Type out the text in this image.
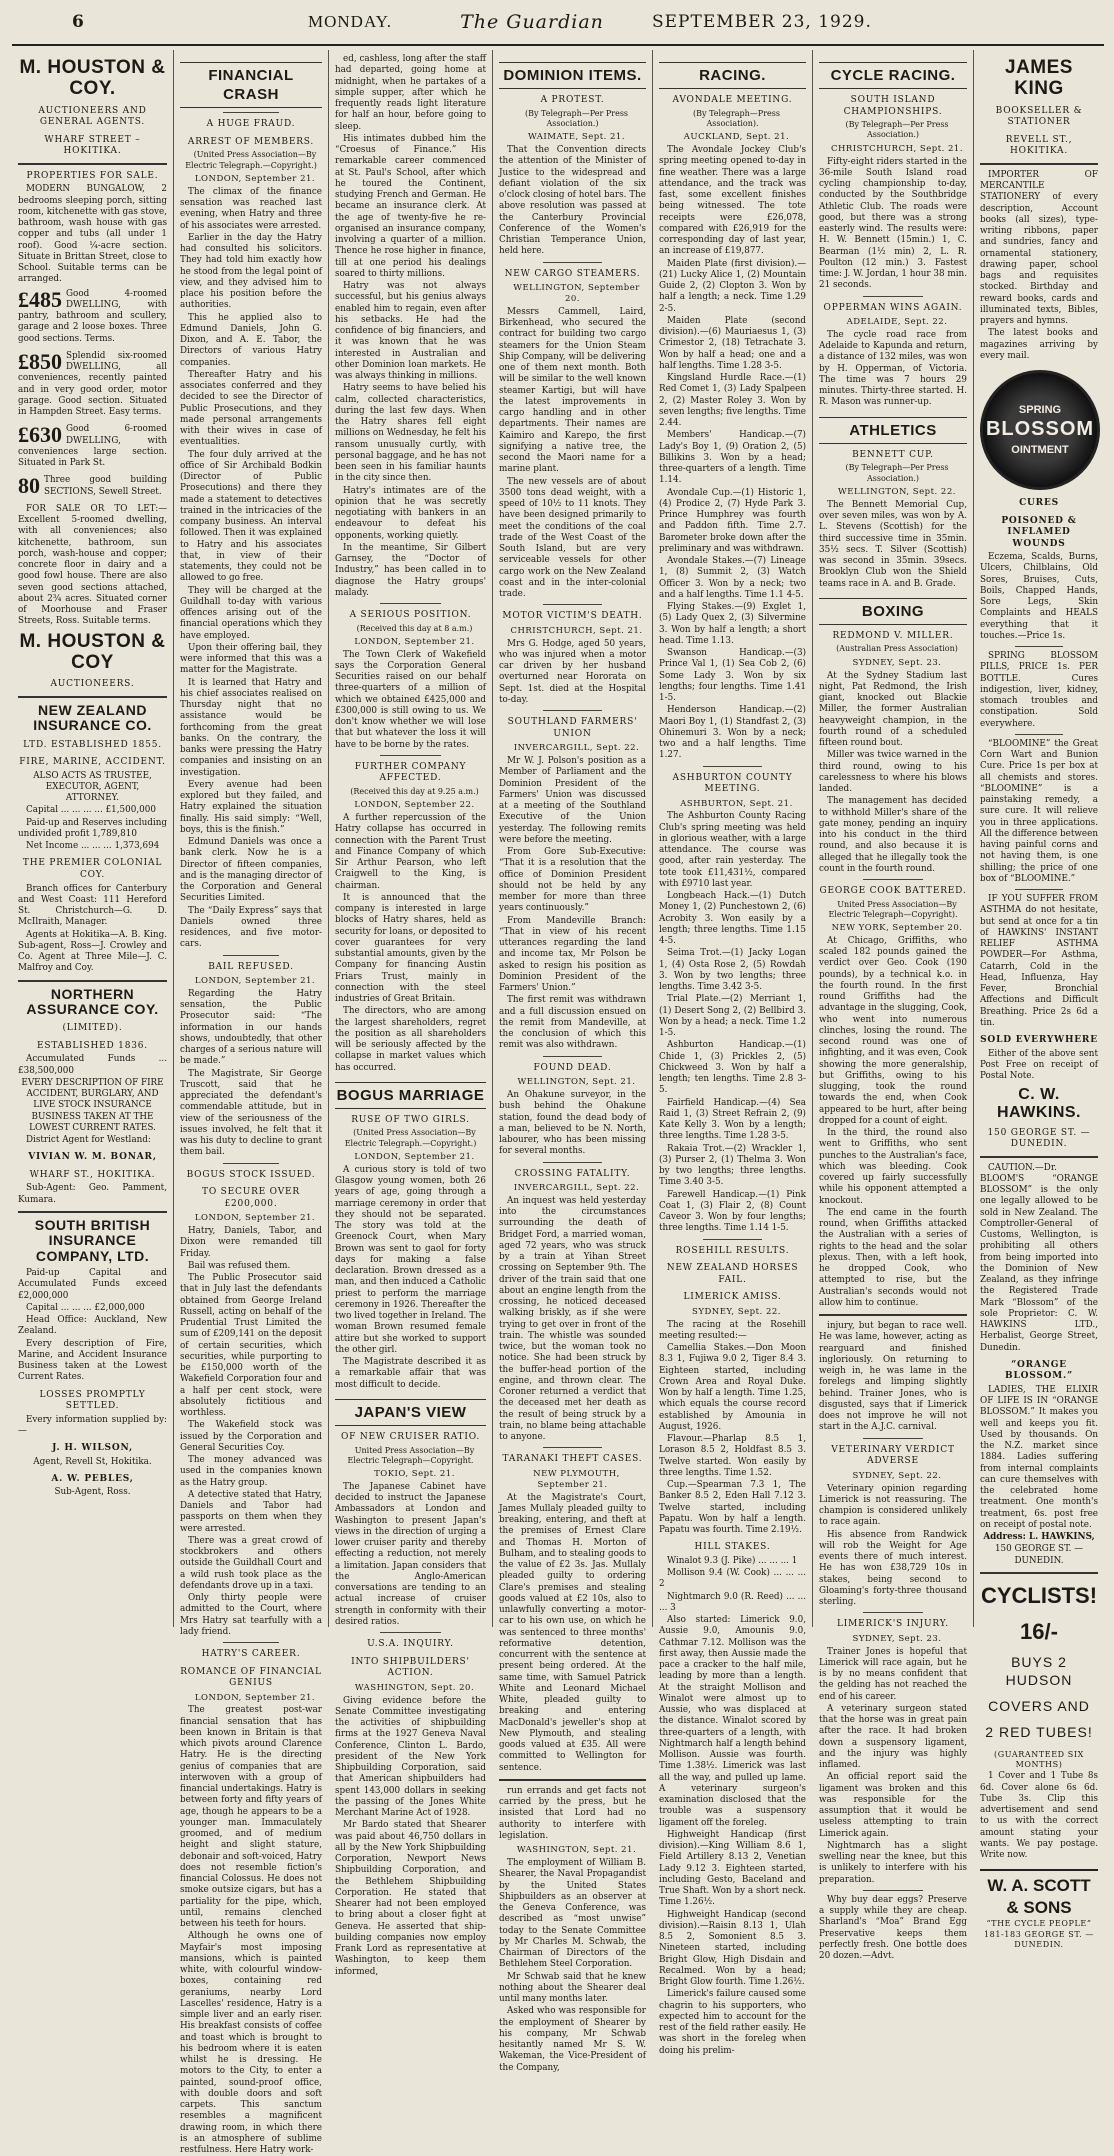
6	MONDAY.	The Guardian	SEPTEMBER 23, 1929.
M. HOUSTON & COY.
AUCTIONEERS AND GENERAL AGENTS.
WHARF STREET – HOKITIKA.
PROPERTIES FOR SALE.

MODERN BUNGALOW, 2 bedrooms sleeping porch, sitting room, kitchenette with gas stove, bathroom, wash house with gas copper and tubs (all under 1 roof). Good ¼-acre section. Situate in Brittan Street, close to School. Suitable terms can be arranged.

£485 Good 4-roomed DWELLING, with pantry, bathroom and scullery, garage and 2 loose boxes. Three good sections. Terms.
£850 Splendid six-roomed DWELLING, all conveniences, recently painted and in very good order, motor garage. Good section. Situated in Hampden Street. Easy terms.
£630 Good 6-roomed DWELLING, with conveniences large section. Situated in Park St.
80 Three good building SECTIONS, Sewell Street.

FOR SALE OR TO LET:—Excellent 5-roomed dwelling, with all conveniences; also kitchenette, bathroom, sun porch, wash-house and copper; concrete floor in dairy and a good fowl house. There are also seven good sections attached, about 2¾ acres. Situated corner of Moorhouse and Fraser Streets, Ross. Suitable terms.

M. HOUSTON & COY
AUCTIONEERS.
NEW ZEALAND INSURANCE CO.
LTD. ESTABLISHED 1855.
FIRE, MARINE, ACCIDENT.

ALSO ACTS AS TRUSTEE, EXECUTOR, AGENT, ATTORNEY.

Capital ... ... ... ... £1,500,000

Paid-up and Reserves including undivided profit 1,789,810

Net Income ... ... ... 1,373,694

THE PREMIER COLONIAL COY.

Branch offices for Canterbury and West Coast: 111 Hereford St. Christchurch—G. D. McIlraith, Manager.

Agents at Hokitika—A. B. King. Sub-agent, Ross—J. Crowley and Co. Agent at Three Mile—J. C. Malfroy and Coy.

NORTHERN ASSURANCE COY.
(LIMITED).
ESTABLISHED 1836.

Accumulated Funds ... £38,500,000

EVERY DESCRIPTION OF FIRE ACCIDENT, BURGLARY, AND LIVE STOCK INSURANCE BUSINESS TAKEN AT THE LOWEST CURRENT RATES.

District Agent for Westland:

VIVIAN W. M. BONAR,
WHARF ST., HOKITIKA.

Sub-Agent: Geo. Pamment, Kumara.

SOUTH BRITISH INSURANCE COMPANY, LTD.

Paid-up Capital and Accumulated Funds exceed £2,000,000

Capital ... ... ... £2,000,000

Head Office: Auckland, New Zealand.

Every description of Fire, Marine, and Accident Insurance Business taken at the Lowest Current Rates.

LOSSES PROMPTLY SETTLED.

Every information supplied by:—

J. H. WILSON,

Agent, Revell St, Hokitika.

A. W. PEBLES,

Sub-Agent, Ross.

FINANCIAL CRASH
A HUGE FRAUD.
ARREST OF MEMBERS.

(United Press Association—By Electric Telegraph.—Copyright.)

LONDON, September 21.

The climax of the finance sensation was reached last evening, when Hatry and three of his associates were arrested.

Earlier in the day the Hatry had consulted his solicitors. They had told him exactly how he stood from the legal point of view, and they advised him to place his position before the authorities.

This he applied also to Edmund Daniels, John G. Dixon, and A. E. Tabor, the Directors of various Hatry companies.

Thereafter Hatry and his associates conferred and they decided to see the Director of Public Prosecutions, and they made personal arrangements with their wives in case of eventualities.

The four duly arrived at the office of Sir Archibald Bodkin (Director of Public Prosecutions) and there they made a statement to detectives trained in the intricacies of the company business. An interval followed. Then it was explained to Hatry and his associates that, in view of their statements, they could not be allowed to go free.

They will be charged at the Guildhall to-day with various offences arising out of the financial operations which they have employed.

Upon their offering bail, they were informed that this was a matter for the Magistrate.

It is learned that Hatry and his chief associates realised on Thursday night that no assistance would be forthcoming from the great banks. On the contrary, the banks were pressing the Hatry companies and insisting on an investigation.

Every avenue had been explored but they failed, and Hatry explained the situation finally. His said simply: “Well, boys, this is the finish.”

Edmund Daniels was once a bank clerk. Now he is a Director of fifteen companies, and is the managing director of the Corporation and General Securities Limited.

The “Daily Express” says that Daniels owned three residences, and five motor-cars.

BAIL REFUSED.

LONDON, September 21.

Regarding the Hatry sensation, the Public Prosecutor said: “The information in our hands shows, undoubtedly, that other charges of a serious nature will be made.”

The Magistrate, Sir George Truscott, said that he appreciated the defendant's commendable attitude, but in view of the seriousness of the issues involved, he felt that it was his duty to decline to grant them bail.

BOGUS STOCK ISSUED.
TO SECURE OVER £200,000.

LONDON, September 21.

Hatry, Daniels, Tabor, and Dixon were remanded till Friday.

Bail was refused them.

The Public Prosecutor said that in July last the defendants obtained from George Ireland Russell, acting on behalf of the Prudential Trust Limited the sum of £209,141 on the deposit of certain securities, which securities, while purporting to be £150,000 worth of the Wakefield Corporation four and a half per cent stock, were absolutely fictitious and worthless.

The Wakefield stock was issued by the Corporation and General Securities Coy.

The money advanced was used in the companies known as the Hatry group.

A detective stated that Hatry, Daniels and Tabor had passports on them when they were arrested.

There was a great crowd of stockbrokers and others outside the Guildhall Court and a wild rush took place as the defendants drove up in a taxi.

Only thirty people were admitted to the Court, where Mrs Hatry sat tearfully with a lady friend.

HATRY'S CAREER.
ROMANCE OF FINANCIAL GENIUS

LONDON, September 21.

The greatest post-war financial sensation that has been known in Britain is that which pivots around Clarence Hatry. He is the directing genius of companies that are interwoven with a group of financial undertakings. Hatry is between forty and fifty years of age, though he appears to be a younger man. Immaculately groomed, and of medium height and slight stature, debonair and soft-voiced, Hatry does not resemble fiction's financial Colossus. He does not smoke outsize cigars, but has a partiality for the pipe, which, until, remains clenched between his teeth for hours.

Although he owns one of Mayfair's most imposing mansions, which is painted white, with colourful window-boxes, containing red geraniums, nearby Lord Lascelles' residence, Hatry is a simple liver and an early riser. His breakfast consists of coffee and toast which is brought to his bedroom where it is eaten whilst he is dressing. He motors to the City, to enter a painted, sound-proof office, with double doors and soft carpets. This sanctum resembles a magnificent drawing room, in which there is an atmosphere of sublime restfulness. Here Hatry work-

ed, cashless, long after the staff had departed, going home at midnight, when he partakes of a simple supper, after which he frequently reads light literature for half an hour, before going to sleep.

His intimates dubbed him the “Croesus of Finance.” His remarkable career commenced at St. Paul's School, after which he toured the Continent, studying French and German. He became an insurance clerk. At the age of twenty-five he re-organised an insurance company, involving a quarter of a million. Thence he rose higher in finance, till at one period his dealings soared to thirty millions.

Hatry was not always successful, but his genius always enabled him to regain, even after his setbacks. He had the confidence of big financiers, and it was known that he was interested in Australian and other Dominion loan markets. He was always thinking in millions.

Hatry seems to have belied his calm, collected characteristics, during the last few days. When the Hatry shares fell eight millions on Wednesday, he felt his ransom unusually curtly, with personal baggage, and he has not been seen in his familiar haunts in the city since then.

Hatry's intimates are of the opinion that he was secretly negotiating with bankers in an endeavour to defeat his opponents, working quietly.

In the meantime, Sir Gilbert Garnsey, the “Doctor of Industry,” has been called in to diagnose the Hatry groups' malady.

A SERIOUS POSITION.

(Received this day at 8 a.m.)

LONDON, September 21.

The Town Clerk of Wakefield says the Corporation General Securities raised on our behalf three-quarters of a million of which we obtained £425,000 and £300,000 is still owing to us. We don't know whether we will lose that but whatever the loss it will have to be borne by the rates.

FURTHER COMPANY AFFECTED.

(Received this day at 9.25 a.m.)

LONDON, September 22.

A further repercussion of the Hatry collapse has occurred in connection with the Parent Trust and Finance Company of which Sir Arthur Pearson, who left Craigwell to the King, is chairman.

It is announced that the company is interested in large blocks of Hatry shares, held as security for loans, or deposited to cover guarantees for very substantial amounts, given by the Company for financing Austin Friars Trust, mainly in connection with the steel industries of Great Britain.

The directors, who are among the largest shareholders, regret the position as all shareholders will be seriously affected by the collapse in market values which has occurred.

BOGUS MARRIAGE
RUSE OF TWO GIRLS.

(United Press Association—By Electric Telegraph.—Copyright.)

LONDON, September 21.

A curious story is told of two Glasgow young women, both 26 years of age, going through a marriage ceremony in order that they should not be separated. The story was told at the Greenock Court, when Mary Brown was sent to gaol for forty days for making a false declaration. Brown dressed as a man, and then induced a Catholic priest to perform the marriage ceremony in 1926. Thereafter the two lived together in Ireland. The woman Brown resumed female attire but she worked to support the other girl.

The Magistrate described it as a remarkable affair that was most difficult to decide.

JAPAN'S VIEW
OF NEW CRUISER RATIO.

United Press Association—By Electric Telegraph—Copyright.

TOKIO, Sept. 21.

The Japanese Cabinet have decided to instruct the Japanese Ambassadors at London and Washington to present Japan's views in the direction of urging a lower cruiser parity and thereby effecting a reduction, not merely a limitation. Japan considers that the Anglo-American conversations are tending to an actual increase of cruiser strength in conformity with their desired ratios.

U.S.A. INQUIRY.
INTO SHIPBUILDERS' ACTION.

WASHINGTON, Sept. 20.

Giving evidence before the Senate Committee investigating the activities of shipbuilding firms at the 1927 Geneva Naval Conference, Clinton L. Bardo, president of the New York Shipbuilding Corporation, said that American shipbuilders had spent 143,000 dollars in seeking the passing of the Jones White Merchant Marine Act of 1928.

Mr Bardo stated that Shearer was paid about 46,750 dollars in all by the New York Shipbuilding Corporation, Newport News Shipbuilding Corporation, and the Bethlehem Shipbuilding Corporation. He stated that Shearer had not been employed to bring about a closer fight at Geneva. He asserted that ship-building companies now employ Frank Lord as representative at Washington, to keep them informed,

DOMINION ITEMS.
A PROTEST.

(By Telegraph—Per Press Association.)

WAIMATE, Sept. 21.

That the Convention directs the attention of the Minister of Justice to the widespread and defiant violation of the six o'clock closing of hotel bars. The above resolution was passed at the Canterbury Provincial Conference of the Women's Christian Temperance Union, held here.

NEW CARGO STEAMERS.

WELLINGTON, September 20.

Messrs Cammell, Laird, Birkenhead, who secured the contract for building two cargo steamers for the Union Steam Ship Company, will be delivering one of them next month. Both will be similar to the well known steamer Kartigi, but will have the latest improvements in cargo handling and in other departments. Their names are Kaimiro and Karepo, the first signifying a native tree, the second the Maori name for a marine plant.

The new vessels are of about 3500 tons dead weight, with a speed of 10½ to 11 knots. They have been designed primarily to meet the conditions of the coal trade of the West Coast of the South Island, but are very serviceable vessels for other cargo work on the New Zealand coast and in the inter-colonial trade.

MOTOR VICTIM'S DEATH.

CHRISTCHURCH, Sept. 21.

Mrs G. Hodge, aged 50 years, who was injured when a motor car driven by her husband overturned near Hororata on Sept. 1st. died at the Hospital to-day.

SOUTHLAND FARMERS' UNION

INVERCARGILL, Sept. 22.

Mr W. J. Polson's position as a Member of Parliament and the Dominion President of the Farmers' Union was discussed at a meeting of the Southland Executive of the Union yesterday. The following remits were before the meeting.

From Gore Sub-Executive: “That it is a resolution that the office of Dominion President should not be held by any member for more than three years continuously.”

From Mandeville Branch: “That in view of his recent utterances regarding the land and income tax, Mr Polson be asked to resign his position as Dominion President of the Farmers' Union.”

The first remit was withdrawn and a full discussion ensued on the remit from Mandeville, at the conclusion of which this remit was also withdrawn.

FOUND DEAD.

WELLINGTON, Sept. 21.

An Ohakune surveyor, in the bush behind the Ohakune station, found the dead body of a man, believed to be N. North, labourer, who has been missing for several months.

CROSSING FATALITY.

INVERCARGILL, Sept. 22.

An inquest was held yesterday into the circumstances surrounding the death of Bridget Ford, a married woman, aged 72 years, who was struck by a train at Yihan Street crossing on September 9th. The driver of the train said that one about an engine length from the crossing, he noticed deceased walking briskly, as if she were trying to get over in front of the train. The whistle was sounded twice, but the woman took no notice. She had been struck by the buffer-head portion of the engine, and thrown clear. The Coroner returned a verdict that the deceased met her death as the result of being struck by a train, no blame being attachable to anyone.

TARANAKI THEFT CASES.

NEW PLYMOUTH, September 21.

At the Magistrate's Court, James Mullaly pleaded guilty to breaking, entering, and theft at the premises of Ernest Clare and Thomas H. Morton of Bulham, and to stealing goods to the value of £2 3s. Jas. Mullaly pleaded guilty to ordering Clare's premises and stealing goods valued at £2 10s, also to unlawfully converting a motor-car to his own use, on which he was sentenced to three months' reformative detention, concurrent with the sentence at present being ordered. At the same time, with Samuel Patrick White and Leonard Michael White, pleaded guilty to breaking and entering MacDonald's jeweller's shop at New Plymouth, and stealing goods valued at £35. All were committed to Wellington for sentence.

run errands and get facts not carried by the press, but he insisted that Lord had no authority to interfere with legislation.

WASHINGTON, Sept. 21.

The employment of William B. Shearer, the Naval Propagandist by the United States Shipbuilders as an observer at the Geneva Conference, was described as “most unwise” today to the Senate Committee by Mr Charles M. Schwab, the Chairman of Directors of the Bethlehem Steel Corporation.

Mr Schwab said that he knew nothing about the Shearer deal until many months later.

Asked who was responsible for the employment of Shearer by his company, Mr Schwab hesitantly named Mr S. W. Wakeman, the Vice-President of the Company,

RACING.
AVONDALE MEETING.

(By Telegraph—Press Association).

AUCKLAND, Sept. 21.

The Avondale Jockey Club's spring meeting opened to-day in fine weather. There was a large attendance, and the track was fast, some excellent finishes being witnessed. The tote receipts were £26,078, compared with £26,919 for the corresponding day of last year, an increase of £19,877.

Maiden Plate (first division).—(21) Lucky Alice 1, (2) Mountain Guide 2, (2) Clopton 3. Won by half a length; a neck. Time 1.29 2-5.

Maiden Plate (second division).—(6) Mauriaesus 1, (3) Crimestor 2, (18) Tetrachate 3. Won by half a head; one and a half lengths. Time 1.28 3-5.

Kingsland Hurdle Race.—(1) Red Comet 1, (3) Lady Spalpeen 2, (2) Master Roley 3. Won by seven lengths; five lengths. Time 2.44.

Members' Handicap.—(7) Lady's Boy 1, (9) Oration 2, (5) Billikins 3. Won by a head; three-quarters of a length. Time 1.14.

Avondale Cup.—(1) Historic 1, (4) Prodice 2, (7) Hyde Park 3. Prince Humphrey was fourth and Paddon fifth. Time 2.7. Barometer broke down after the preliminary and was withdrawn.

Avondale Stakes.—(7) Lineage 1, (8) Summit 2, (3) Watch Officer 3. Won by a neck; two and a half lengths. Time 1.1 4-5.

Flying Stakes.—(9) Exglet 1, (5) Lady Quex 2, (3) Silvermine 3. Won by half a length; a short head. Time 1.13.

Swanson Handicap.—(3) Prince Val 1, (1) Sea Cob 2, (6) Some Lady 3. Won by six lengths; four lengths. Time 1.41 1-5.

Henderson Handicap.—(2) Maori Boy 1, (1) Standfast 2, (3) Ohinemuri 3. Won by a neck; two and a half lengths. Time 1.27.

ASHBURTON COUNTY MEETING.

ASHBURTON, Sept. 21.

The Ashburton County Racing Club's spring meeting was held in glorious weather, with a large attendance. The course was good, after rain yesterday. The tote took £11,431½, compared with £9710 last year.

Longbeach Hack.—(1) Dutch Money 1, (2) Punchestown 2, (6) Acrobity 3. Won easily by a length; three lengths. Time 1.15 4-5.

Seima Trot.—(1) Jacky Logan 1, (4) Osta Rose 2, (5) Rowdah 3. Won by two lengths; three lengths. Time 3.42 3-5.

Trial Plate.—(2) Merriant 1, (1) Desert Song 2, (2) Bellbird 3. Won by a head; a neck. Time 1.2 1-5.

Ashburton Handicap.—(1) Chide 1, (3) Prickles 2, (5) Chickweed 3. Won by half a length; ten lengths. Time 2.8 3-5.

Fairfield Handicap.—(4) Sea Raid 1, (3) Street Refrain 2, (9) Kate Kelly 3. Won by a length; three lengths. Time 1.28 3-5.

Rakaia Trot.—(2) Wrackler 1, (3) Purser 2, (1) Thelma 3. Won by two lengths; three lengths. Time 3.40 3-5.

Farewell Handicap.—(1) Pink Coat 1, (3) Flair 2, (8) Count Caveor 3. Won by four lengths; three lengths. Time 1.14 1-5.

ROSEHILL RESULTS.
NEW ZEALAND HORSES FAIL.
LIMERICK AMISS.

SYDNEY, Sept. 22.

The racing at the Rosehill meeting resulted:—

Camellia Stakes.—Don Moon 8.3 1, Fujiwa 9.0 2, Tiger 8.4 3. Eighteen started, including Crown Area and Royal Duke. Won by half a length. Time 1.25, which equals the course record established by Amounia in August, 1926.

Flavour.—Pharlap 8.5 1, Lorason 8.5 2, Holdfast 8.5 3. Twelve started. Won easily by three lengths. Time 1.52.

Cup.—Spearman 7.3 1, The Banker 8.5 2, Eden Hall 7.12 3. Twelve started, including Papatu. Won by half a length. Papatu was fourth. Time 2.19½.

HILL STAKES.

Winalot 9.3 (J. Pike) ... ... ... 1

Mollison 9.4 (W. Cook) ... ... ... 2

Nightmarch 9.0 (R. Reed) ... ... ... 3

Also started: Limerick 9.0, Aussie 9.0, Amounis 9.0, Cathmar 7.12. Mollison was the first away, then Aussie made the pace a cracker to the half mile, leading by more than a length. At the straight Mollison and Winalot were almost up to Aussie, who was displaced at the distance. Winalot scored by three-quarters of a length, with Nightmarch half a length behind Mollison. Aussie was fourth. Time 1.38½. Limerick was last all the way, and pulled up lame. A veterinary surgeon's examination disclosed that the trouble was a suspensory ligament off the foreleg.

Highweight Handicap (first division).—King William 8.6 1, Field Artillery 8.13 2, Venetian Lady 9.12 3. Eighteen started, including Gesto, Baceland and True Shaft. Won by a short neck. Time 1.26½.

Highweight Handicap (second division).—Raisin 8.13 1, Ulah 8.5 2, Somonient 8.5 3. Nineteen started, including Bright Glow, High Disdain and Recalmed. Won by a head; Bright Glow fourth. Time 1.26½.

Limerick's failure caused some chagrin to his supporters, who expected him to account for the rest of the field rather easily. He was short in the foreleg when doing his prelim-

CYCLE RACING.
SOUTH ISLAND CHAMPIONSHIPS.

(By Telegraph—Per Press Association.)

CHRISTCHURCH, Sept. 21.

Fifty-eight riders started in the 36-mile South Island road cycling championship to-day, conducted by the Southbridge Athletic Club. The roads were good, but there was a strong easterly wind. The results were: H. W. Bennett (15min.) 1, C. Bearman (1½ min) 2, L. R. Poulton (12 min.) 3. Fastest time: J. W. Jordan, 1 hour 38 min. 21 seconds.

OPPERMAN WINS AGAIN.

ADELAIDE, Sept. 22.

The cycle road race from Adelaide to Kapunda and return, a distance of 132 miles, was won by H. Opperman, of Victoria. The time was 7 hours 29 minutes. Thirty-three started. H. R. Mason was runner-up.

ATHLETICS
BENNETT CUP.

(By Telegraph—Per Press Association.)

WELLINGTON, Sept. 22.

The Bennett Memorial Cup, over seven miles, was won by A. L. Stevens (Scottish) for the third successive time in 35min. 35½ secs. T. Silver (Scottish) was second in 35min. 39secs. Brooklyn Club won the Shield teams race in A. and B. Grade.

BOXING
REDMOND V. MILLER.

(Australian Press Association)

SYDNEY, Sept. 23.

At the Sydney Stadium last night, Pat Redmond, the Irish giant, knocked out Blackie Miller, the former Australian heavyweight champion, in the fourth round of a scheduled fifteen round bout.

Miller was twice warned in the third round, owing to his carelessness to where his blows landed.

The management has decided to withhold Miller's share of the gate money, pending an inquiry into his conduct in the third round, and also because it is alleged that he illegally took the count in the fourth round.

GEORGE COOK BATTERED.

United Press Association—By Electric Telegraph—Copyright).

NEW YORK, September 20.

At Chicago, Griffiths, who scaled 182 pounds gained the verdict over Geo. Cook (190 pounds), by a technical k.o. in the fourth round. In the first round Griffiths had the advantage in the slugging, Cook, who went into numerous clinches, losing the round. The second round was one of infighting, and it was even, Cook showing the more generalship, but Griffiths, owing to his slugging, took the round towards the end, when Cook appeared to be hurt, after being dropped for a count of eight.

In the third, the round also went to Griffiths, who sent punches to the Australian's face, which was bleeding. Cook covered up fairly successfully while his opponent attempted a knockout.

The end came in the fourth round, when Griffiths attacked the Australian with a series of rights to the head and the solar plexus. Then, with a left hook, he dropped Cook, who attempted to rise, but the Australian's seconds would not allow him to continue.

injury, but began to race well. He was lame, however, acting as rearguard and finished ingloriously. On returning to weigh in, he was lame in the forelegs and limping slightly behind. Trainer Jones, who is disgusted, says that if Limerick does not improve he will not start in the A.J.C. carnival.

VETERINARY VERDICT ADVERSE

SYDNEY, Sept. 22.

Veterinary opinion regarding Limerick is not reassuring. The champion is considered unlikely to race again.

His absence from Randwick will rob the Weight for Age events there of much interest. He has won £38,729 10s in stakes, being second to Gloaming's forty-three thousand sterling.

LIMERICK'S INJURY.

SYDNEY, Sept. 23.

Trainer Jones is hopeful that Limerick will race again, but he is by no means confident that the gelding has not reached the end of his career.

A veterinary surgeon stated that the horse was in great pain after the race. It had broken down a suspensory ligament, and the injury was highly inflamed.

An official report said the ligament was broken and this was responsible for the assumption that it would be useless attempting to train Limerick again.

Nightmarch has a slight swelling near the knee, but this is unlikely to interfere with his preparation.

Why buy dear eggs? Preserve a supply while they are cheap. Sharland's “Moa” Brand Egg Preservative keeps them perfectly fresh. One bottle does 20 dozen.—Advt.

JAMES KING
BOOKSELLER & STATIONER
REVELL ST., HOKITIKA.

IMPORTER OF MERCANTILE STATIONERY of every description, Account books (all sizes), type-writing ribbons, paper and sundries, fancy and ornamental stationery, drawing paper, school bags and requisites stocked. Birthday and reward books, cards and illuminated texts, Bibles, prayers and hymns.

The latest books and magazines arriving by every mail.

SPRING
BLOSSOM
OINTMENT
CURES
POISONED & INFLAMED WOUNDS

Eczema, Scalds, Burns, Ulcers, Chilblains, Old Sores, Bruises, Cuts, Boils, Chapped Hands, Sore Legs, Skin Complaints and HEALS everything that it touches.—Price 1s.

SPRING BLOSSOM PILLS, PRICE 1s. PER BOTTLE. Cures indigestion, liver, kidney, stomach troubles and constipation. Sold everywhere.

“BLOOMINE” the Great Corn Wart and Bunion Cure. Price 1s per box at all chemists and stores. “BLOOMINE” is a painstaking remedy, a sure cure. It will relieve you in three applications. All the difference between having painful corns and not having them, is one shilling; the price of one box of “BLOOMINE.”

IF YOU SUFFER FROM ASTHMA do not hesitate, but send at once for a tin of HAWKINS' INSTANT RELIEF ASTHMA POWDER—For Asthma, Catarrh, Cold in the Head, Influenza, Hay Fever, Bronchial Affections and Difficult Breathing. Price 2s 6d a tin.

SOLD EVERYWHERE

Either of the above sent Post Free on receipt of Postal Note.

C. W. HAWKINS.
150 GEORGE ST. — DUNEDIN.

CAUTION.—Dr. BLOOM'S “ORANGE BLOSSOM” is the only one legally allowed to be sold in New Zealand. The Comptroller-General of Customs, Wellington, is prohibiting all others from being imported into the Dominion of New Zealand, as they infringe the Registered Trade Mark “Blossom” of the sole Proprietor: C. W. HAWKINS LTD., Herbalist, George Street, Dunedin.

“ORANGE BLOSSOM.”

LADIES, THE ELIXIR OF LIFE IS IN “ORANGE BLOSSOM.” It makes you well and keeps you fit. Used by thousands. On the N.Z. market since 1884. Ladies suffering from internal complaints can cure themselves with the celebrated home treatment. One month's treatment, 6s. post free on receipt of postal note.

Address: L. HAWKINS,

150 GEORGE ST. — DUNEDIN.

CYCLISTS!
16/-
BUYS 2 HUDSON
COVERS AND
2 RED TUBES!

(GUARANTEED SIX MONTHS)

1 Cover and 1 Tube 8s 6d. Cover alone 6s 6d. Tube 3s. Clip this advertisement and send to us with the correct amount stating your wants. We pay postage. Write now.

W. A. SCOTT & SONS

“THE CYCLE PEOPLE”

181-183 GEORGE ST. — DUNEDIN.
